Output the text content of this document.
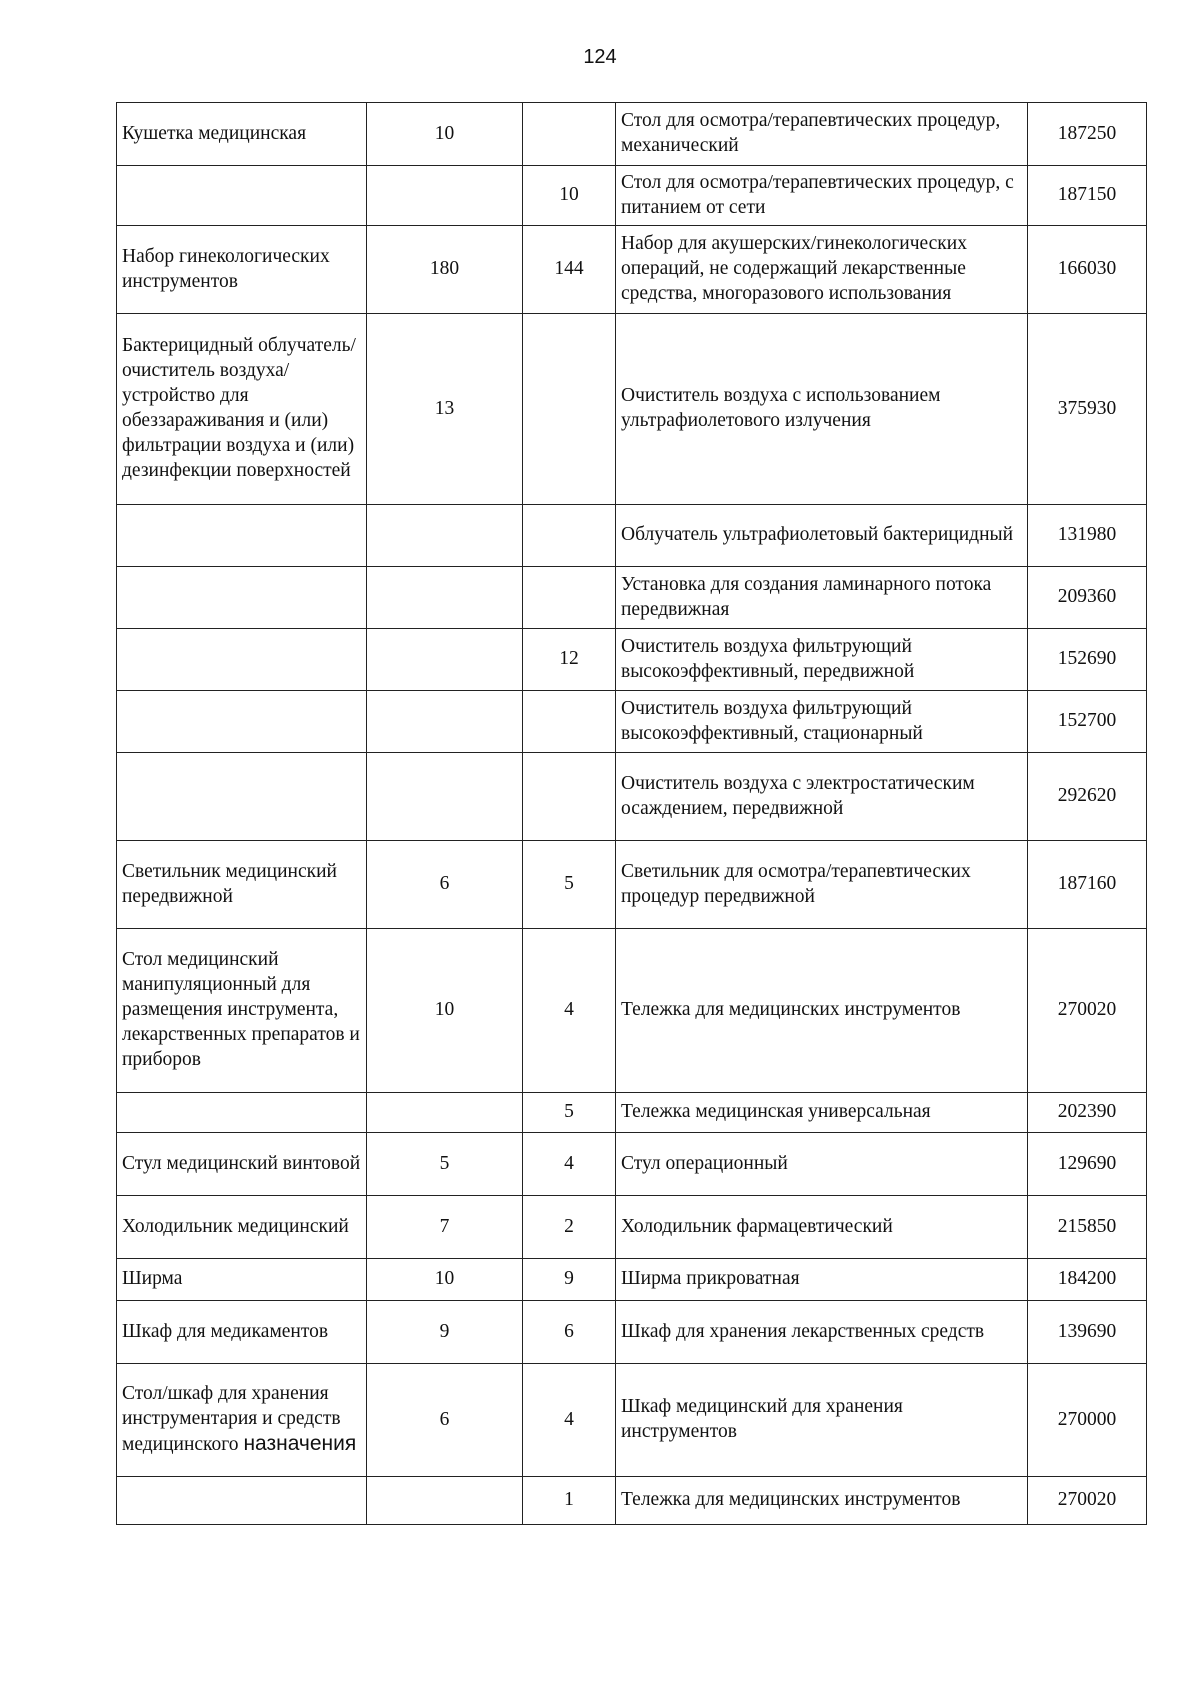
124
Кушетка медицинская	10		Стол для осмотра/терапевтических процедур, механический	187250
		10	Стол для осмотра/терапевтических процедур, с питанием от сети	187150
Набор гинекологических инструментов	180	144	Набор для акушерских/гинекологических операций, не содержащий лекарственные средства, многоразового использования	166030
Бактерицидный облучатель/очиститель воздуха/устройство для обеззараживания и (или) фильтрации воздуха и (или) дезинфекции поверхностей	13		Очиститель воздуха с использованием ультрафиолетового излучения	375930
			Облучатель ультрафиолетовый бактерицидный	131980
			Установка для создания ламинарного потока передвижная	209360
		12	Очиститель воздуха фильтрующий высокоэффективный, передвижной	152690
			Очиститель воздуха фильтрующий высокоэффективный, стационарный	152700
			Очиститель воздуха с электростатическим осаждением, передвижной	292620
Светильник медицинский передвижной	6	5	Светильник для осмотра/терапевтических процедур передвижной	187160
Стол медицинский манипуляционный для размещения инструмента, лекарственных препаратов и приборов	10	4	Тележка для медицинских инструментов	270020
		5	Тележка медицинская универсальная	202390
Стул медицинский винтовой	5	4	Стул операционный	129690
Холодильник медицинский	7	2	Холодильник фармацевтический	215850
Ширма	10	9	Ширма прикроватная	184200
Шкаф для медикаментов	9	6	Шкаф для хранения лекарственных средств	139690
Стол/шкаф для хранения инструментария и средств медицинского назначения	6	4	Шкаф медицинский для хранения инструментов	270000
		1	Тележка для медицинских инструментов	270020
